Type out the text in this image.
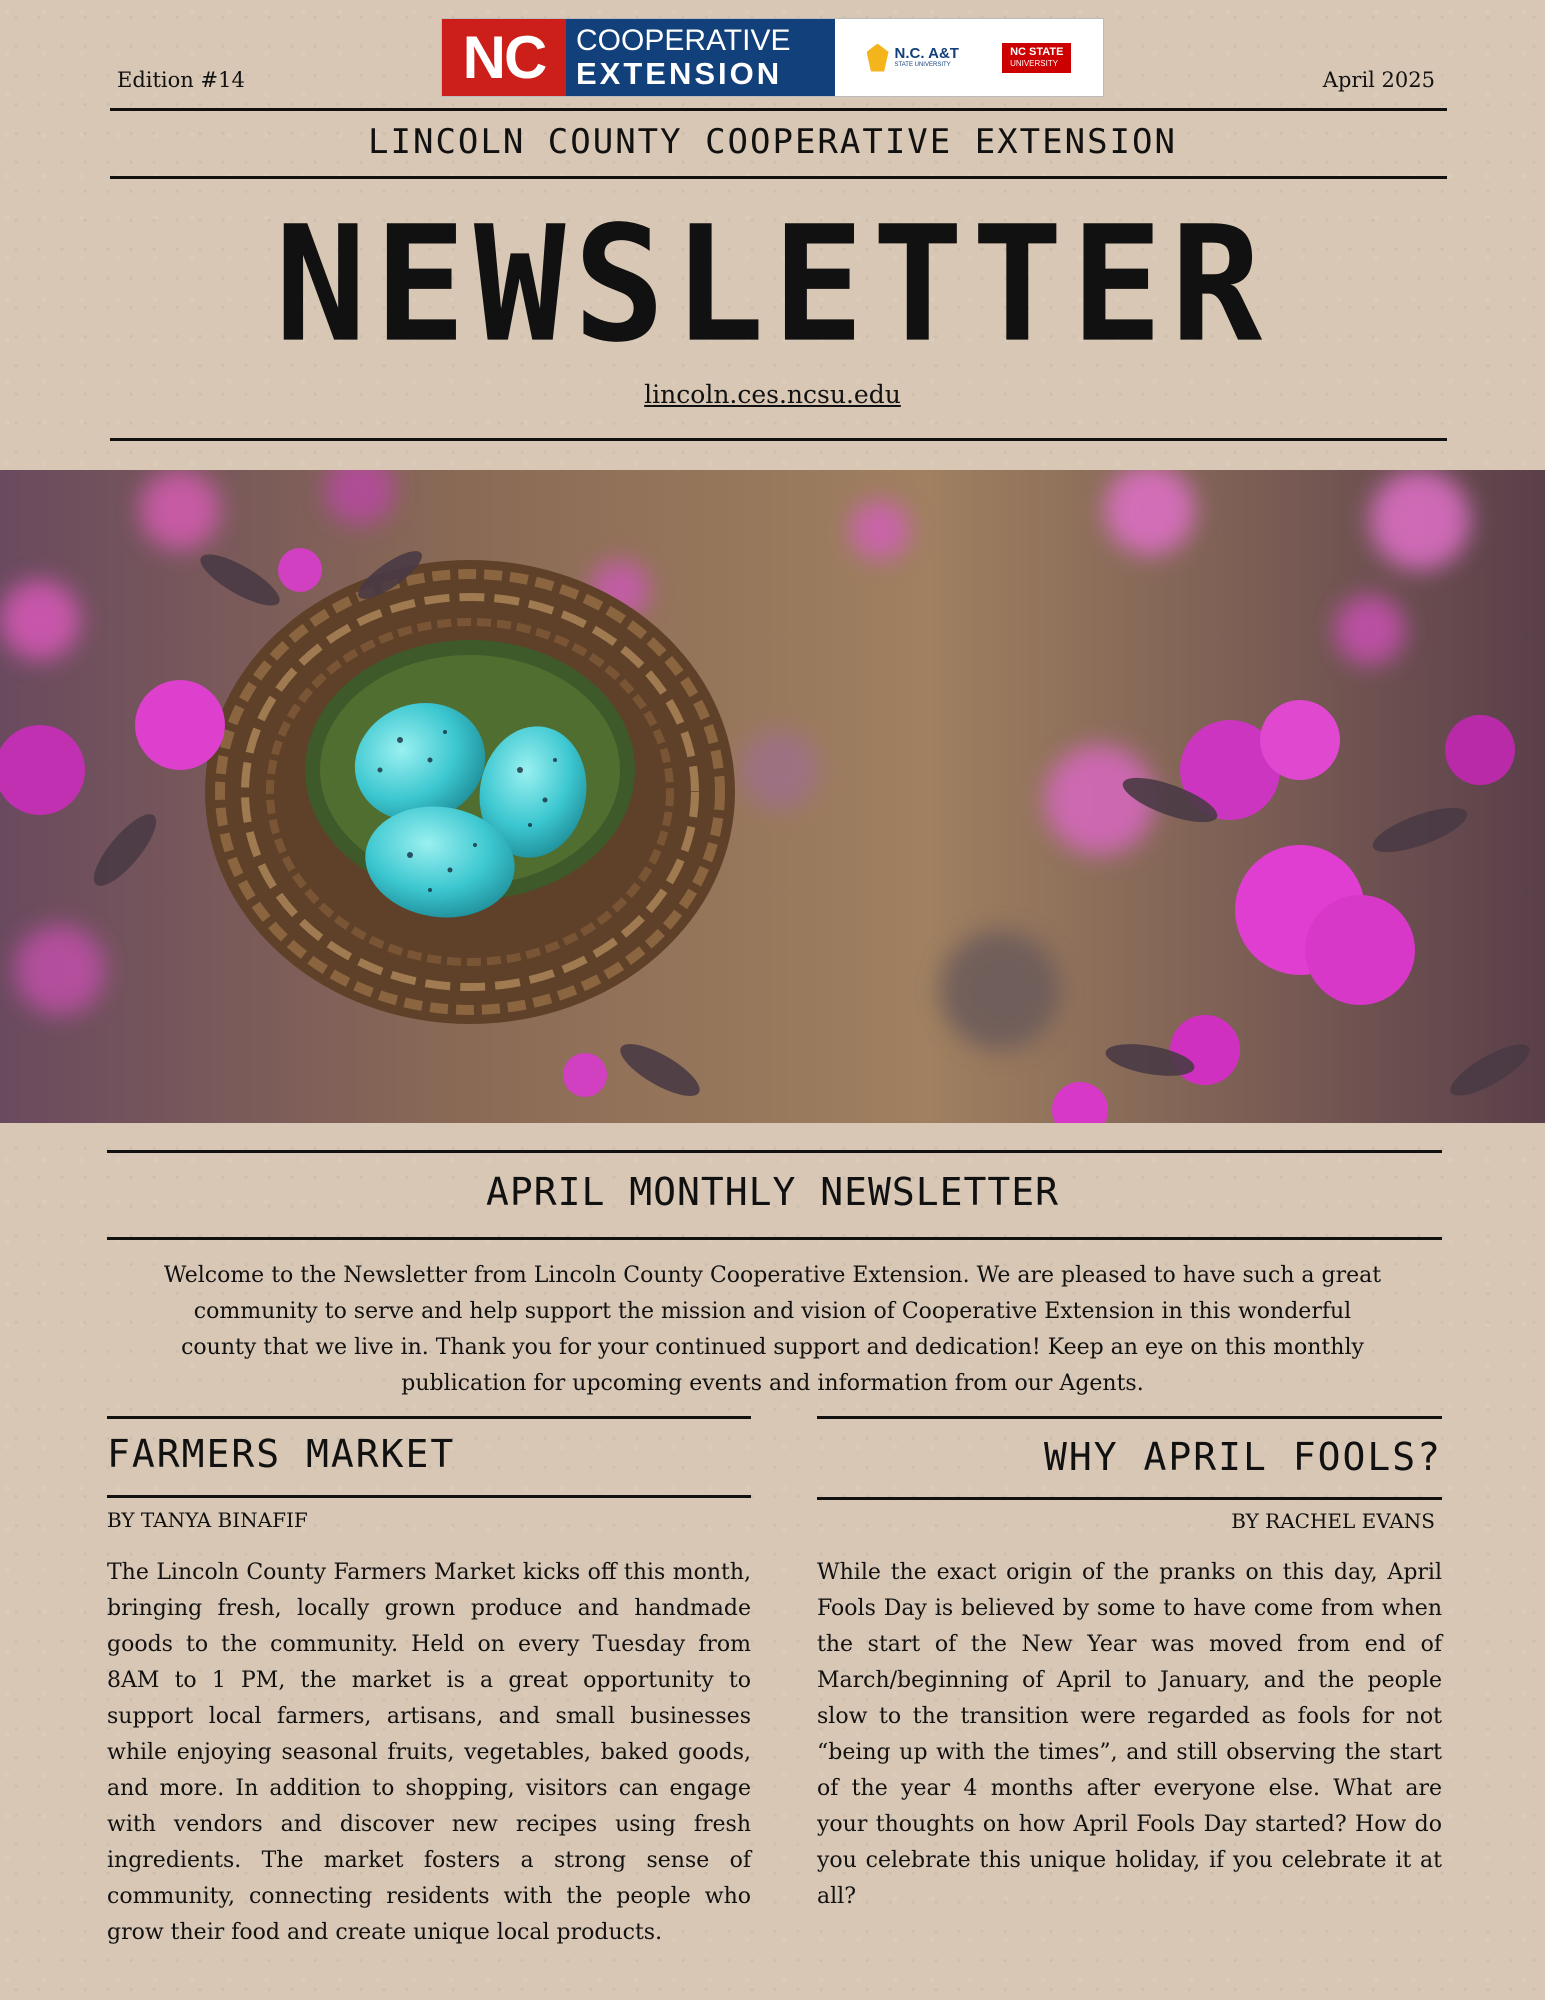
Edition #14	NC	COOPERATIVE
EXTENSION
N.C. A&T
STATE UNIVERSITY
NC STATE
UNIVERSITY
April 2025
LINCOLN COUNTY COOPERATIVE EXTENSION
NEWSLETTER
lincoln.ces.ncsu.edu
APRIL MONTHLY NEWSLETTER
Welcome to the Newsletter from Lincoln County Cooperative Extension. We are pleased to have such a great community to serve and help support the mission and vision of Cooperative Extension in this wonderful county that we live in. Thank you for your continued support and dedication! Keep an eye on this monthly publication for upcoming events and information from our Agents.
FARMERS MARKET
BY TANYA BINAFIF
The Lincoln County Farmers Market kicks off this month, bringing fresh, locally grown produce and handmade goods to the community. Held on every Tuesday from 8AM to 1 PM, the market is a great opportunity to support local farmers, artisans, and small businesses while enjoying seasonal fruits, vegetables, baked goods, and more. In addition to shopping, visitors can engage with vendors and discover new recipes using fresh ingredients. The market fosters a strong sense of community, connecting residents with the people who grow their food and create unique local products.
WHY APRIL FOOLS?
BY RACHEL EVANS
While the exact origin of the pranks on this day, April Fools Day is believed by some to have come from when the start of the New Year was moved from end of March/beginning of April to January, and the people slow to the transition were regarded as fools for not “being up with the times”, and still observing the start of the year 4 months after everyone else. What are your thoughts on how April Fools Day started? How do you celebrate this unique holiday, if you celebrate it at all?
